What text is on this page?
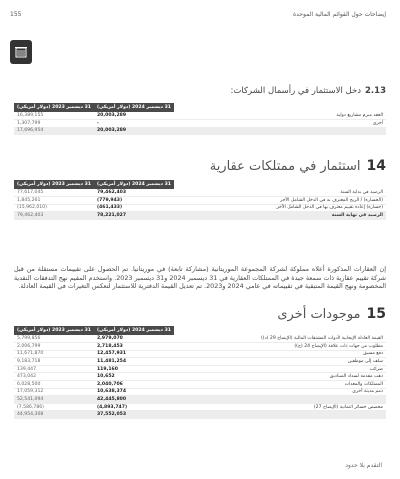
إيضاحات حول القوائم المالية الموحدة
155
2.13
دخل الاستثمار في رأسمال الشركات:
	31 ديسمبر 2024 (دولار أمريكي)	31 ديسمبر 2023 (دولار أمريكي)
العقد مبرم مشاريع دولية	20,003,289	16,389,155
أخرى	-	1,307,799
	20,003,289	17,696,954
14
استثمار في ممتلكات عقارية
	31 ديسمبر 2024 (دولار أمريكي)	31 ديسمبر 2023 (دولار أمريكي)
الرصيد في بداية السنة	79,462,403	77,617,045
(الخسارة) / الربح المعترف به في الدخل الشامل الآخر	(779,943)	1,845,261
(خسارة) إعادة تقييم معترف بها في الدخل الشامل الآخر	(461,433)	(15,962,010)
الرصيد في نهاية السنة	78,221,027	79,462,403

إن العقارات المذكورة أعلاه مملوكة لشركة المجموعة الموريتانية (مشاركة تابعة) في موريتانيا. تم الحصول على تقييمات مستقلة من قبل شركة تقييم عقارية ذات سمعة جيدة في الممتلكات العقارية في 31 ديسمبر 2024 و31 ديسمبر 2023. واستخدم المقيم نهج التدفقات النقدية المخصومة ونهج القيمة المتبقية في تقييماته في عامي 2024 و2023. تم تعديل القيمة الدفترية للاستثمار لتعكس التغيرات في القيمة العادلة.

15
موجودات أخرى
	31 ديسمبر 2024 (دولار أمريكي)	31 ديسمبر 2023 (دولار أمريكي)
القيمة العادلة الإيجابية لأدوات المشتقات المالية (الإيضاح 29 (د))	2,979,070	5,799,856
مطلوب من جهات ذات علاقة (الإيضاح 24 (ج))	2,718,453	2,006,799
دفع مسبق	12,457,931	11,671,870
سلف إلى موظفين	11,481,254	9,183,718
ضرائب	119,160	139,447
ذهب مقدمة لسداد الصناديق	10,652	473,042
الممتلكات والمعدات	2,040,706	6,028,500
ذمم مدينة أخرى	10,638,374	17,059,312
	42,445,800	52,541,094
مخصص خسائر ائتمانية (الإيضاح 27)	(4,893,747)	(7,586,786)
	37,552,053	44,954,308
التقدم بلا حدود
